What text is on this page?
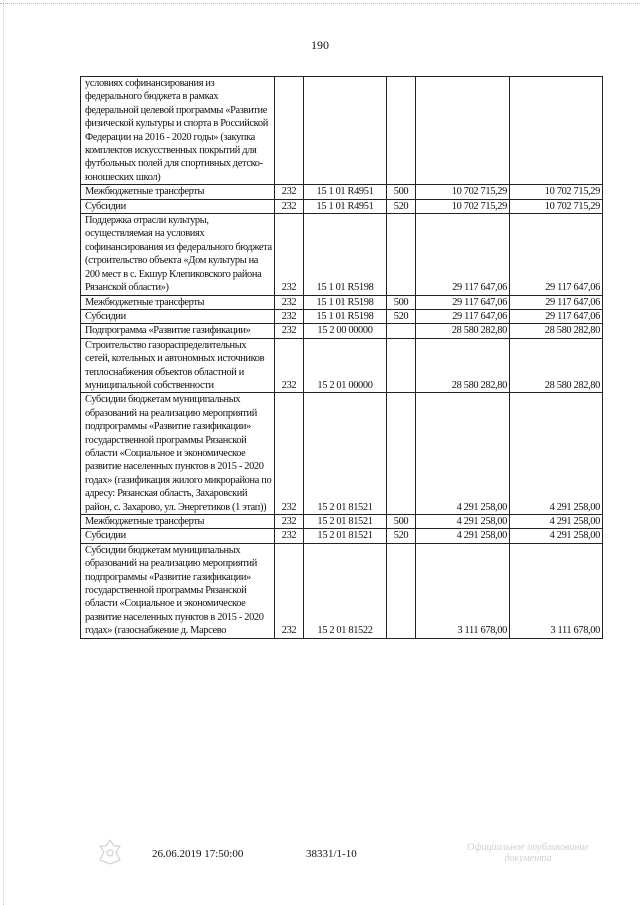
190
условиях софинансирования из федерального бюджета в рамках федеральной целевой программы «Развитие физической культуры и спорта в Российской Федерации на 2016 - 2020 годы» (закупка комплектов искусственных покрытий для футбольных полей для спортивных детско-юношеских школ)					
Межбюджетные трансферты	232	15 1 01 R4951	500	10 702 715,29	10 702 715,29
Субсидии	232	15 1 01 R4951	520	10 702 715,29	10 702 715,29
Поддержка отрасли культуры, осуществляемая на условиях софинансирования из федерального бюджета (строительство объекта «Дом культуры на 200 мест в с. Екшур Клепиковского района Рязанской области»)	232	15 1 01 R5198		29 117 647,06	29 117 647,06
Межбюджетные трансферты	232	15 1 01 R5198	500	29 117 647,06	29 117 647,06
Субсидии	232	15 1 01 R5198	520	29 117 647,06	29 117 647,06
Подпрограмма «Развитие газификации»	232	15 2 00 00000		28 580 282,80	28 580 282,80
Строительство газораспределительных сетей, котельных и автономных источников теплоснабжения объектов областной и муниципальной собственности	232	15 2 01 00000		28 580 282,80	28 580 282,80
Субсидии бюджетам муниципальных образований на реализацию мероприятий подпрограммы «Развитие газификации» государственной программы Рязанской области «Социальное и экономическое развитие населенных пунктов в 2015 - 2020 годах» (газификация жилого микрорайона по адресу: Рязанская область, Захаровский район, с. Захарово, ул. Энергетиков (1 этап))	232	15 2 01 81521		4 291 258,00	4 291 258,00
Межбюджетные трансферты	232	15 2 01 81521	500	4 291 258,00	4 291 258,00
Субсидии	232	15 2 01 81521	520	4 291 258,00	4 291 258,00
Субсидии бюджетам муниципальных образований на реализацию мероприятий подпрограммы «Развитие газификации» государственной программы Рязанской области «Социальное и экономическое развитие населенных пунктов в 2015 - 2020 годах» (газоснабжение д. Марсево	232	15 2 01 81522		3 111 678,00	3 111 678,00
26.06.2019 17:50:00	38331/1-10
Официальное опубликование документа
